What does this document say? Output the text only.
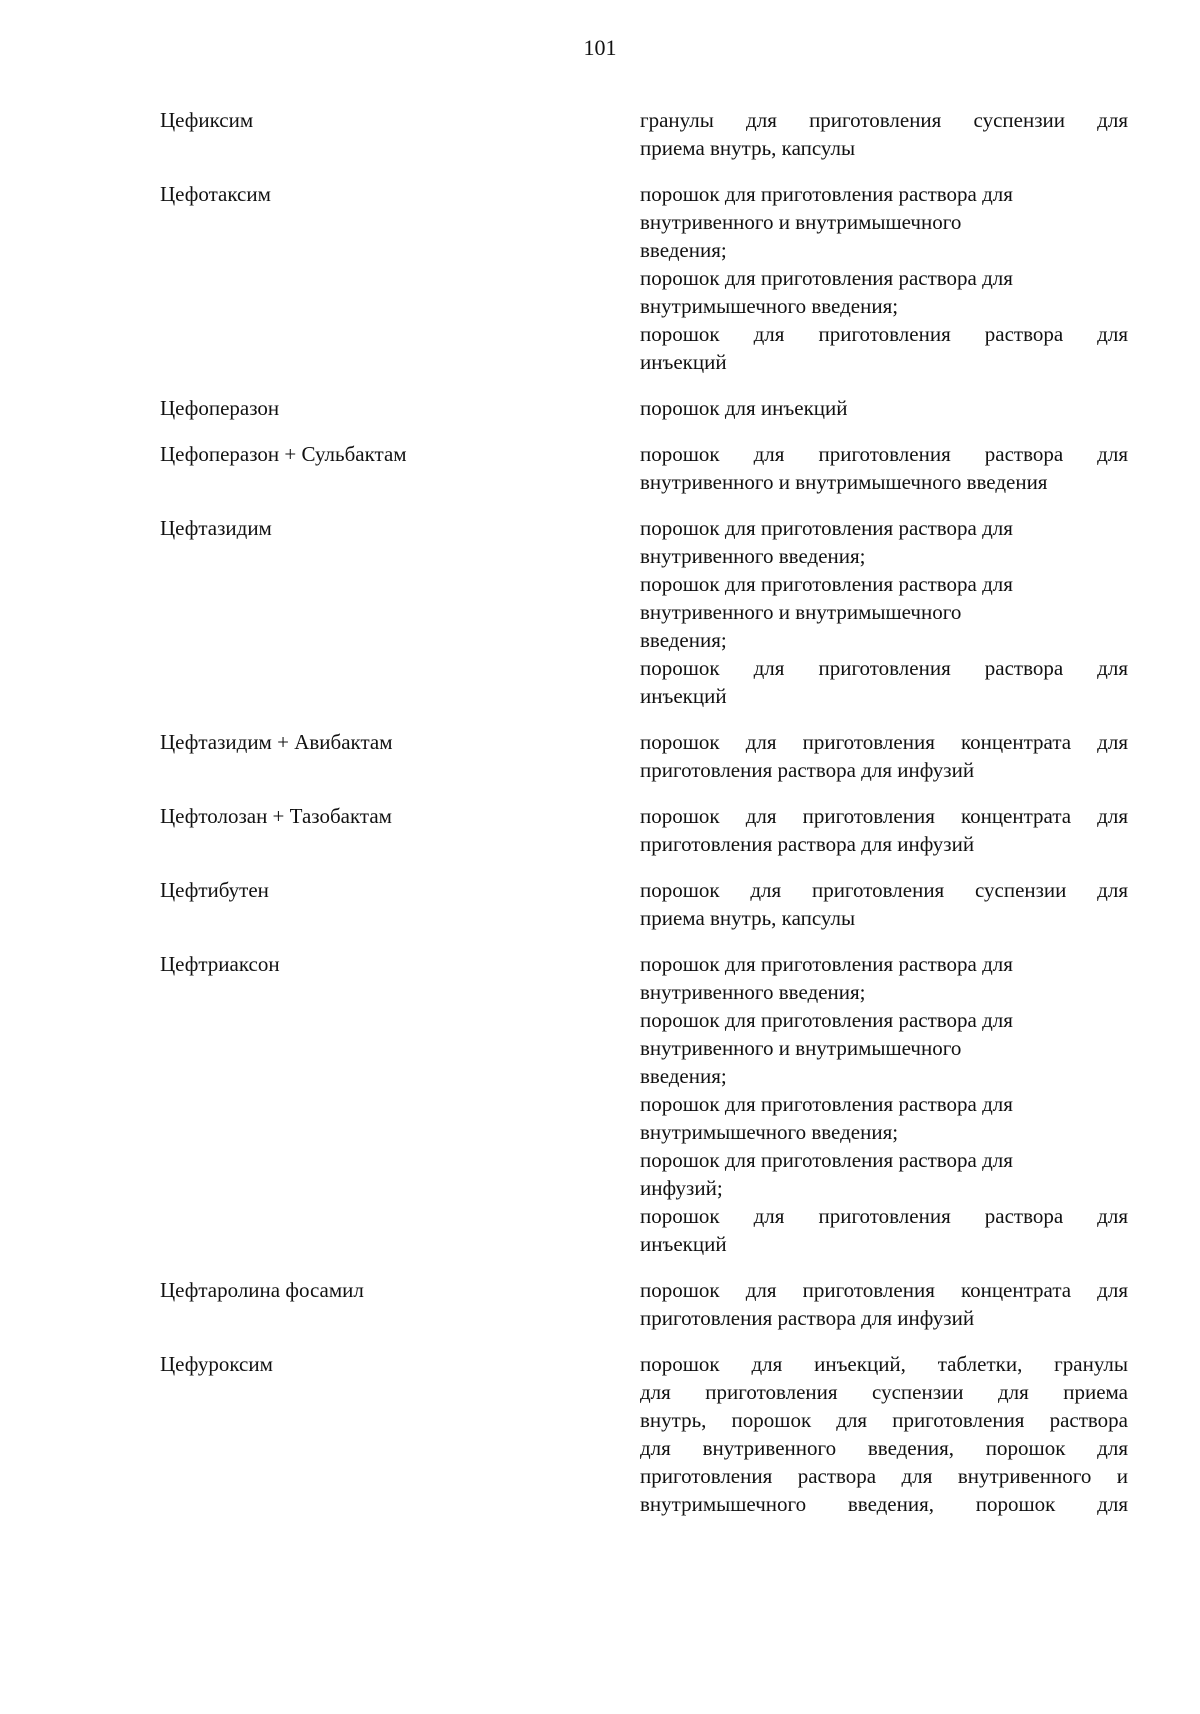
101
Цефиксим	гранулы для приготовления суспензии для
приема внутрь, капсулы
Цефотаксим	порошок для приготовления раствора для
внутривенного и внутримышечного
введения;
порошок для приготовления раствора для
внутримышечного введения;
порошок для приготовления раствора для
инъекций
Цефоперазон	порошок для инъекций
Цефоперазон + Сульбактам	порошок для приготовления раствора для
внутривенного и внутримышечного введения
Цефтазидим	порошок для приготовления раствора для
внутривенного введения;
порошок для приготовления раствора для
внутривенного и внутримышечного
введения;
порошок для приготовления раствора для
инъекций
Цефтазидим + Авибактам	порошок для приготовления концентрата для
приготовления раствора для инфузий
Цефтолозан + Тазобактам	порошок для приготовления концентрата для
приготовления раствора для инфузий
Цефтибутен	порошок для приготовления суспензии для
приема внутрь, капсулы
Цефтриаксон	порошок для приготовления раствора для
внутривенного введения;
порошок для приготовления раствора для
внутривенного и внутримышечного
введения;
порошок для приготовления раствора для
внутримышечного введения;
порошок для приготовления раствора для
инфузий;
порошок для приготовления раствора для
инъекций
Цефтаролина фосамил	порошок для приготовления концентрата для
приготовления раствора для инфузий
Цефуроксим	порошок для инъекций, таблетки, гранулы
для приготовления суспензии для приема
внутрь, порошок для приготовления раствора
для внутривенного введения, порошок для
приготовления раствора для внутривенного и
внутримышечного введения, порошок для
